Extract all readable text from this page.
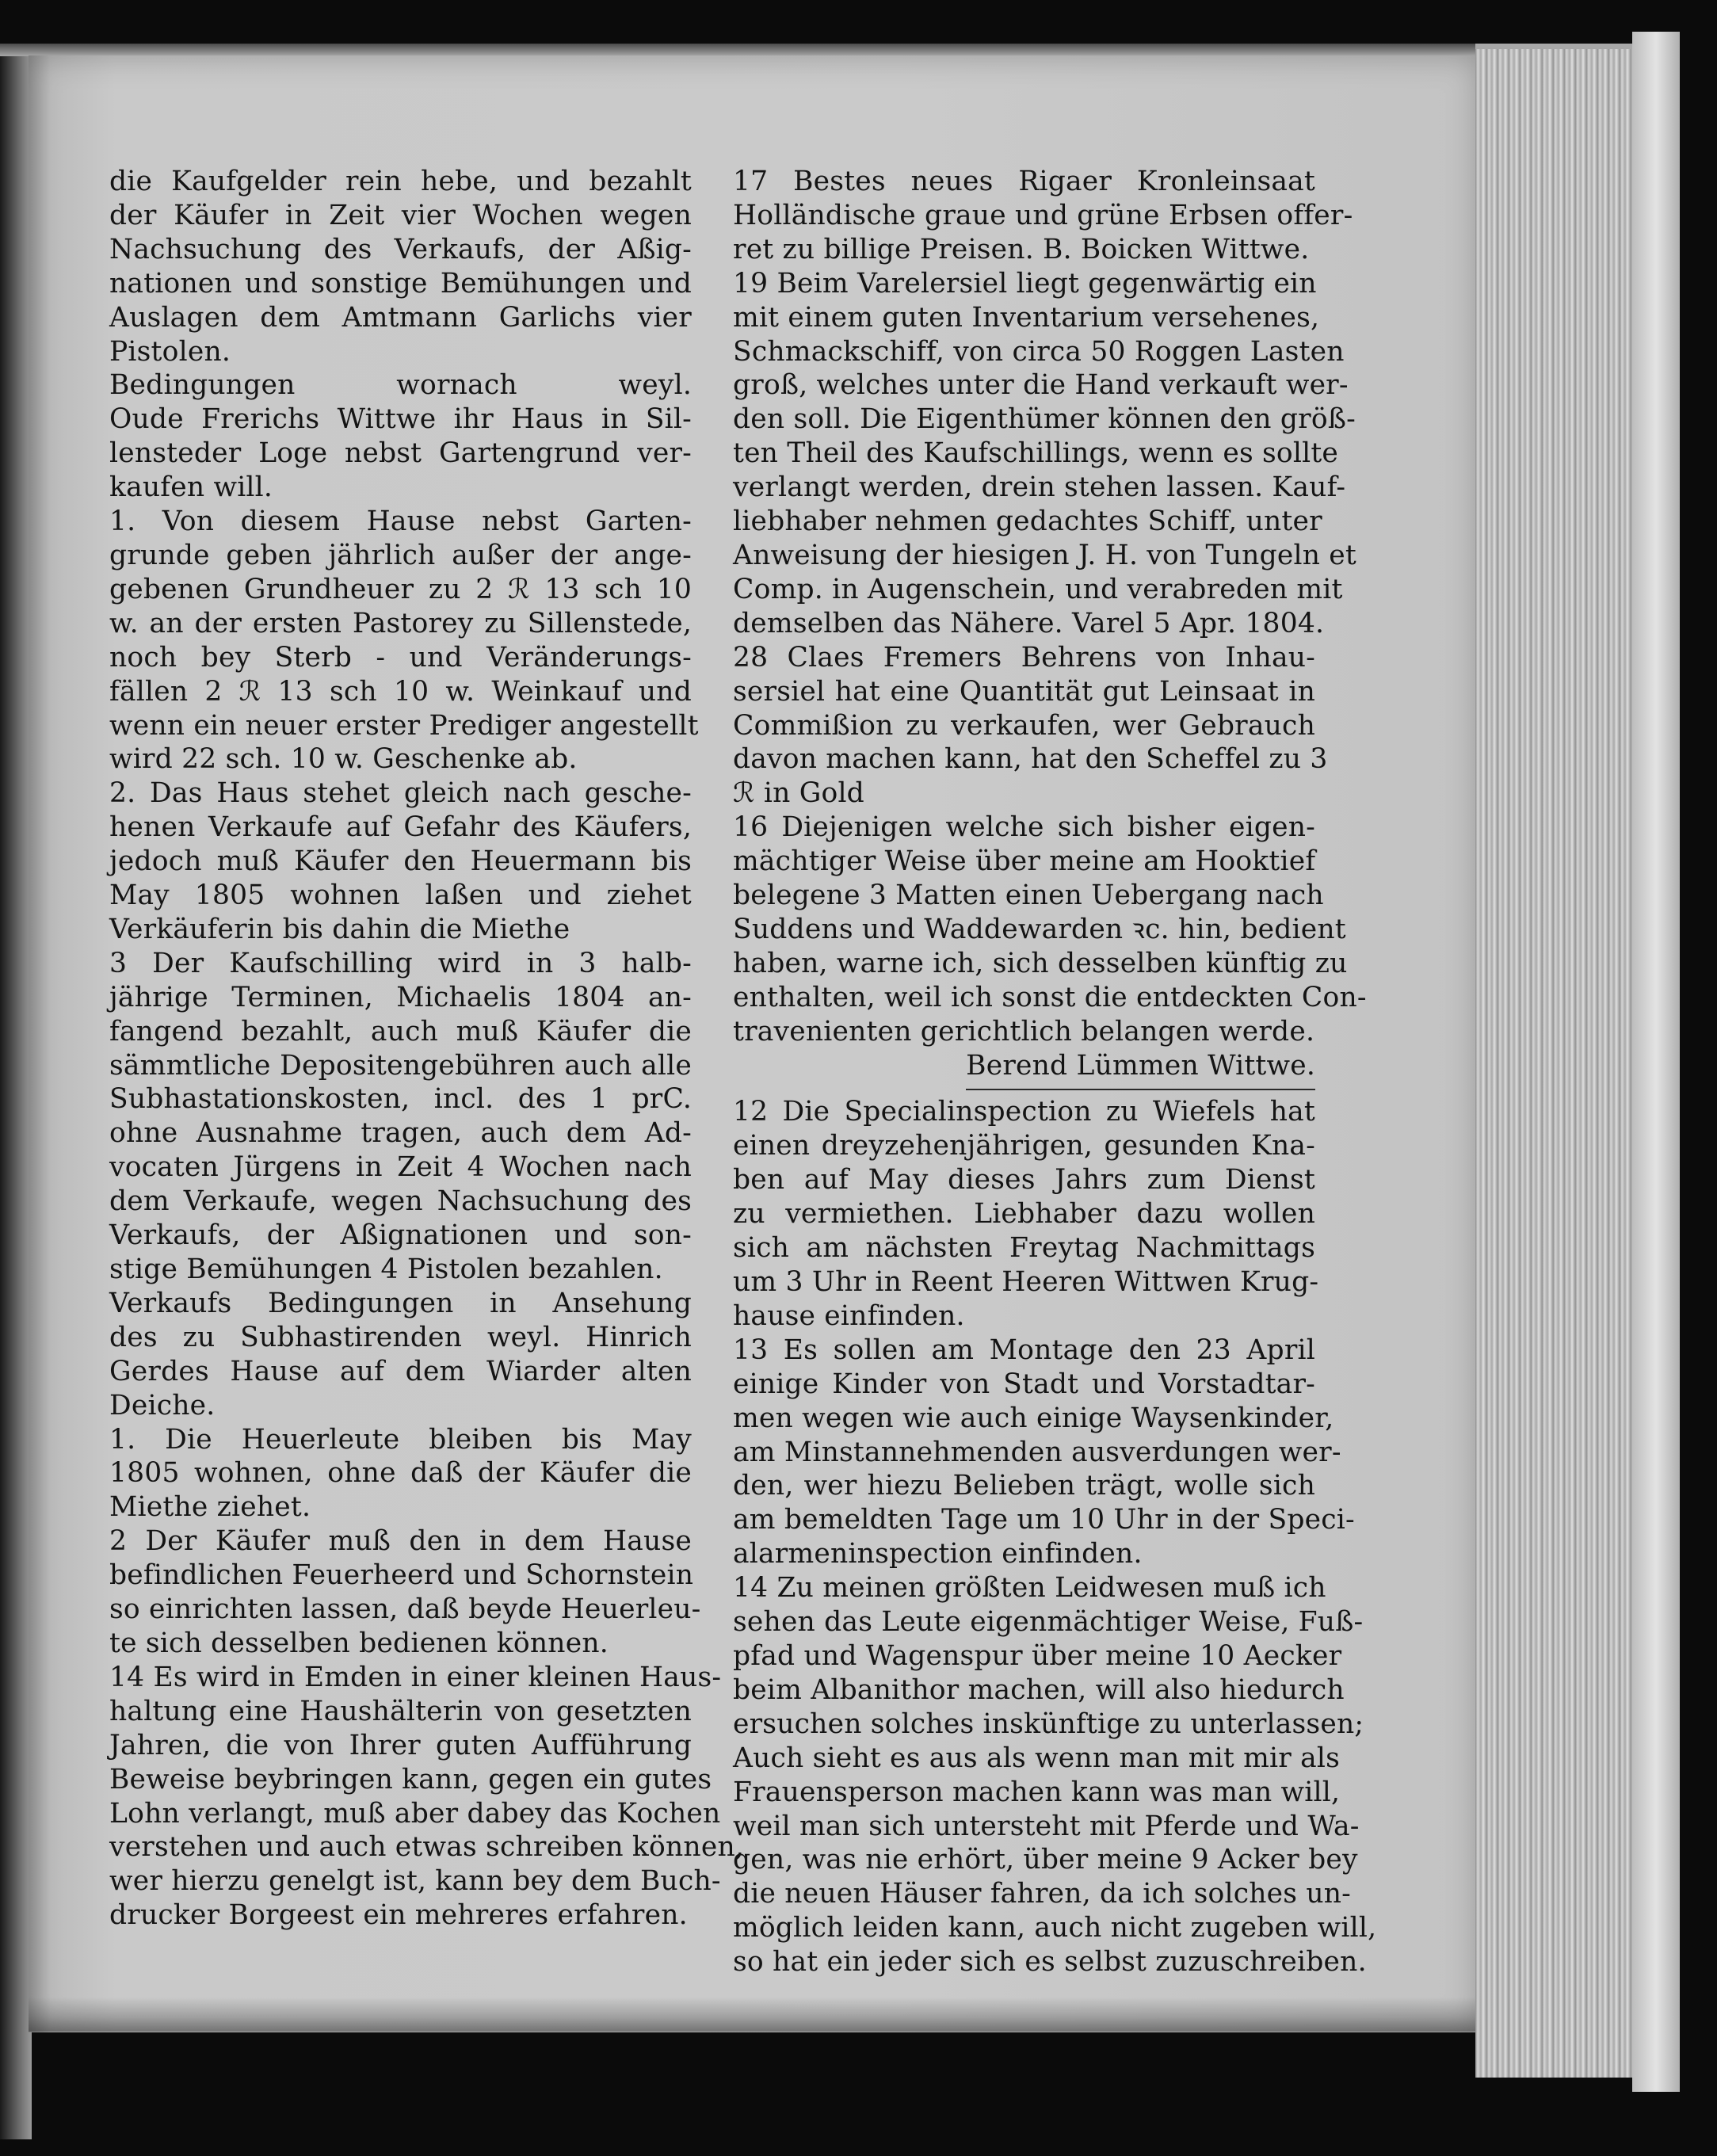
die Kaufgelder rein hebe, und bezahlt
der Käufer in Zeit vier Wochen wegen
Nachsuchung des Verkaufs, der Aßig-
nationen und sonstige Bemühungen und
Auslagen dem Amtmann Garlichs vier
Pistolen.
Bedingungen wornach weyl.
Oude Frerichs Wittwe ihr Haus in Sil-
lensteder Loge nebst Gartengrund ver-
kaufen will.
1. Von diesem Hause nebst Garten-
grunde geben jährlich außer der ange-
gebenen Grundheuer zu 2 ℛ 13 sch 10
w. an der ersten Pastorey zu Sillenstede,
noch bey Sterb - und Veränderungs-
fällen 2 ℛ 13 sch 10 w. Weinkauf und
wenn ein neuer erster Prediger angestellt
wird 22 sch. 10 w. Geschenke ab.
2. Das Haus stehet gleich nach gesche-
henen Verkaufe auf Gefahr des Käufers,
jedoch muß Käufer den Heuermann bis
May 1805 wohnen laßen und ziehet
Verkäuferin bis dahin die Miethe
3 Der Kaufschilling wird in 3 halb-
jährige Terminen, Michaelis 1804 an-
fangend bezahlt, auch muß Käufer die
sämmtliche Depositengebühren auch alle
Subhastationskosten, incl. des 1 prC.
ohne Ausnahme tragen, auch dem Ad-
vocaten Jürgens in Zeit 4 Wochen nach
dem Verkaufe, wegen Nachsuchung des
Verkaufs, der Aßignationen und son-
stige Bemühungen 4 Pistolen bezahlen.
Verkaufs Bedingungen in Ansehung
des zu Subhastirenden weyl. Hinrich
Gerdes Hause auf dem Wiarder alten
Deiche.
1. Die Heuerleute bleiben bis May
1805 wohnen, ohne daß der Käufer die
Miethe ziehet.
2 Der Käufer muß den in dem Hause
befindlichen Feuerheerd und Schornstein
so einrichten lassen, daß beyde Heuerleu-
te sich desselben bedienen können.
14 Es wird in Emden in einer kleinen Haus-
haltung eine Haushälterin von gesetzten
Jahren, die von Ihrer guten Aufführung
Beweise beybringen kann, gegen ein gutes
Lohn verlangt, muß aber dabey das Kochen
verstehen und auch etwas schreiben können,
wer hierzu genelgt ist, kann bey dem Buch-
drucker Borgeest ein mehreres erfahren.
17 Bestes neues Rigaer Kronleinsaat
Holländische graue und grüne Erbsen offer-
ret zu billige Preisen. B. Boicken Wittwe.
19 Beim Varelersiel liegt gegenwärtig ein
mit einem guten Inventarium versehenes,
Schmackschiff, von circa 50 Roggen Lasten
groß, welches unter die Hand verkauft wer-
den soll. Die Eigenthümer können den größ-
ten Theil des Kaufschillings, wenn es sollte
verlangt werden, drein stehen lassen. Kauf-
liebhaber nehmen gedachtes Schiff, unter
Anweisung der hiesigen J. H. von Tungeln et
Comp. in Augenschein, und verabreden mit
demselben das Nähere. Varel 5 Apr. 1804.
28 Claes Fremers Behrens von Inhau-
sersiel hat eine Quantität gut Leinsaat in
Commißion zu verkaufen, wer Gebrauch
davon machen kann, hat den Scheffel zu 3
ℛ in Gold
16 Diejenigen welche sich bisher eigen-
mächtiger Weise über meine am Hooktief
belegene 3 Matten einen Uebergang nach
Suddens und Waddewarden ꝛc. hin, bedient
haben, warne ich, sich desselben künftig zu
enthalten, weil ich sonst die entdeckten Con-
travenienten gerichtlich belangen werde.
Berend Lümmen Wittwe.
12 Die Specialinspection zu Wiefels hat
einen dreyzehenjährigen, gesunden Kna-
ben auf May dieses Jahrs zum Dienst
zu vermiethen. Liebhaber dazu wollen
sich am nächsten Freytag Nachmittags
um 3 Uhr in Reent Heeren Wittwen Krug-
hause einfinden.
13 Es sollen am Montage den 23 April
einige Kinder von Stadt und Vorstadtar-
men wegen wie auch einige Waysenkinder,
am Minstannehmenden ausverdungen wer-
den, wer hiezu Belieben trägt, wolle sich
am bemeldten Tage um 10 Uhr in der Speci-
alarmeninspection einfinden.
14 Zu meinen größten Leidwesen muß ich
sehen das Leute eigenmächtiger Weise, Fuß-
pfad und Wagenspur über meine 10 Aecker
beim Albanithor machen, will also hiedurch
ersuchen solches inskünftige zu unterlassen;
Auch sieht es aus als wenn man mit mir als
Frauensperson machen kann was man will,
weil man sich untersteht mit Pferde und Wa-
gen, was nie erhört, über meine 9 Acker bey
die neuen Häuser fahren, da ich solches un-
möglich leiden kann, auch nicht zugeben will,
so hat ein jeder sich es selbst zuzuschreiben.
